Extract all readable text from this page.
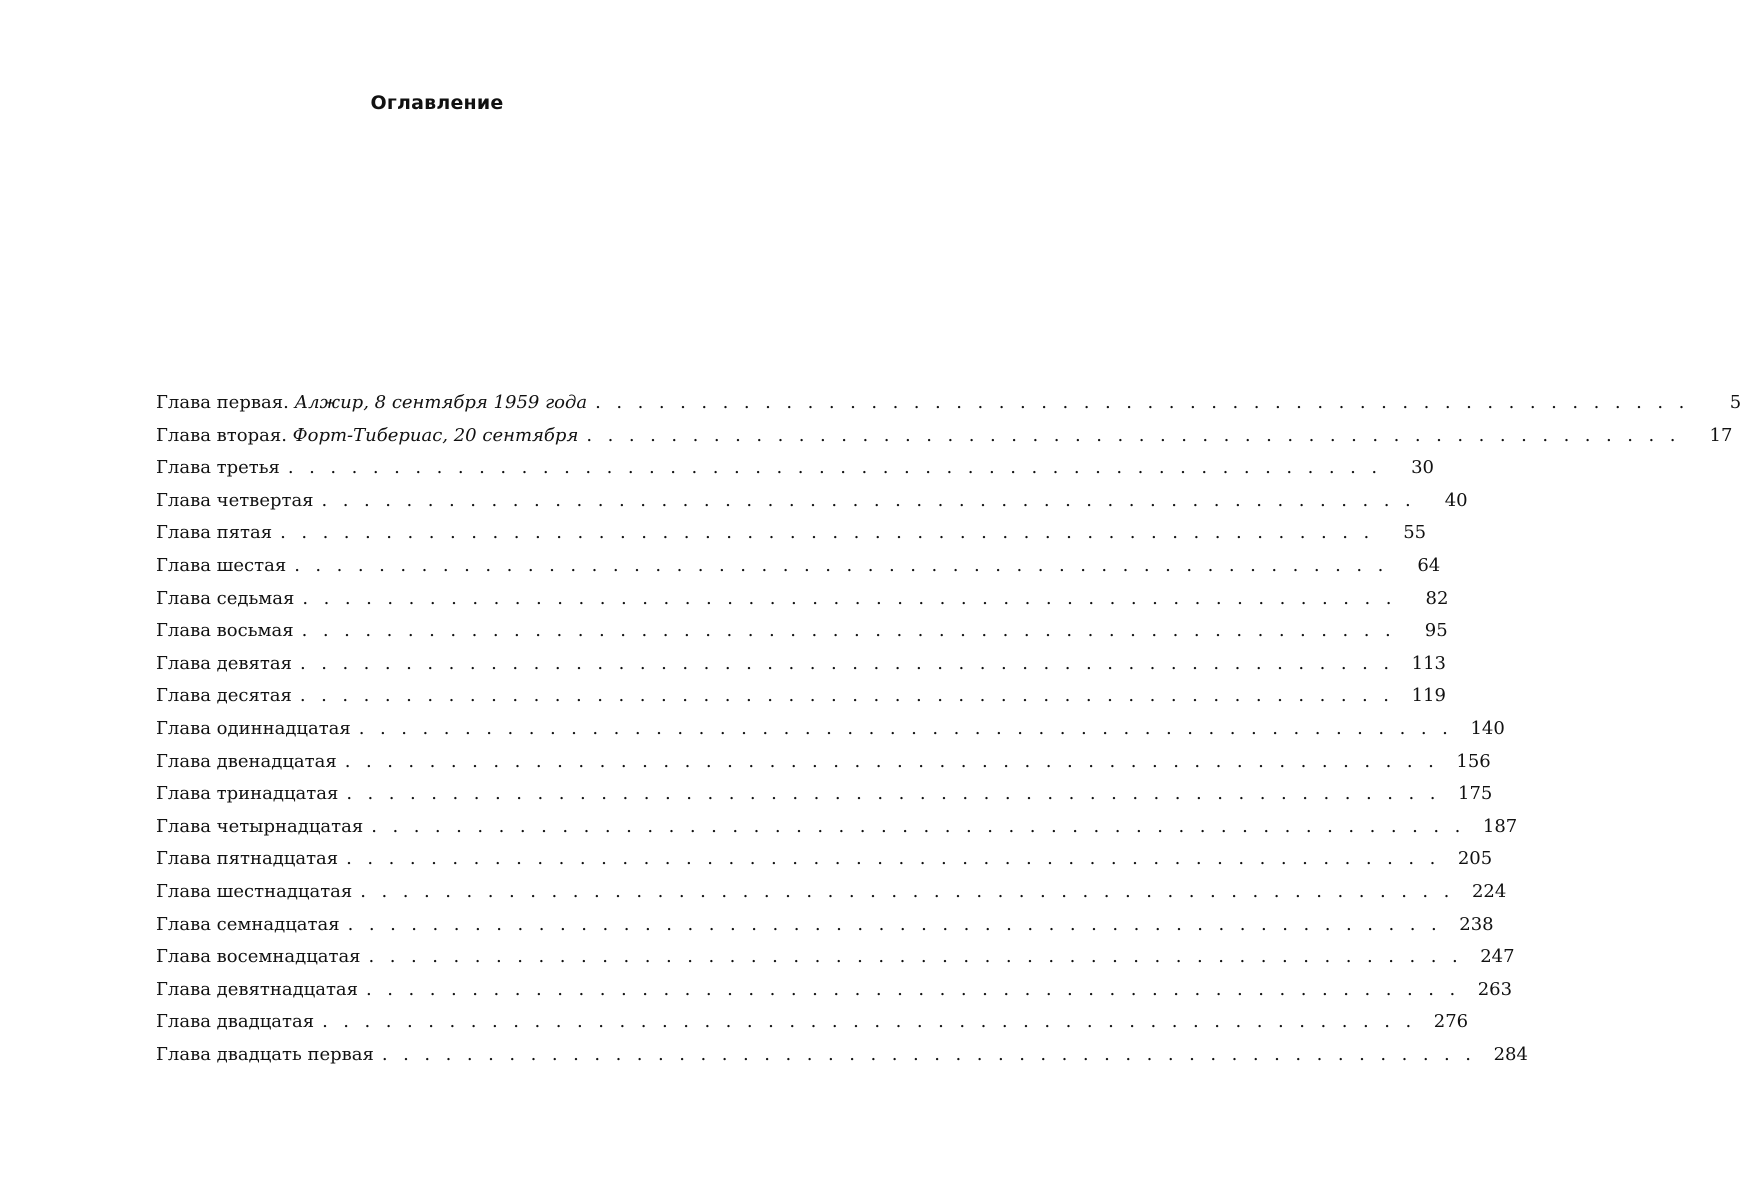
Оглавление
Глава первая. Алжир, 8 сентября 1959 года . . . . . . . . . . . . . . . . . . . . . . . . . . . . . . . . . . . . . . . . . . . . . . . . . . . .	5
Глава вторая. Форт-Тибериас, 20 сентября . . . . . . . . . . . . . . . . . . . . . . . . . . . . . . . . . . . . . . . . . . . . . . . . . . . .	17
Глава третья . . . . . . . . . . . . . . . . . . . . . . . . . . . . . . . . . . . . . . . . . . . . . . . . . . . .	30
Глава четвертая . . . . . . . . . . . . . . . . . . . . . . . . . . . . . . . . . . . . . . . . . . . . . . . . . . . .	40
Глава пятая . . . . . . . . . . . . . . . . . . . . . . . . . . . . . . . . . . . . . . . . . . . . . . . . . . . .	55
Глава шестая . . . . . . . . . . . . . . . . . . . . . . . . . . . . . . . . . . . . . . . . . . . . . . . . . . . .	64
Глава седьмая . . . . . . . . . . . . . . . . . . . . . . . . . . . . . . . . . . . . . . . . . . . . . . . . . . . .	82
Глава восьмая . . . . . . . . . . . . . . . . . . . . . . . . . . . . . . . . . . . . . . . . . . . . . . . . . . . .	95
Глава девятая . . . . . . . . . . . . . . . . . . . . . . . . . . . . . . . . . . . . . . . . . . . . . . . . . . . . 113
Глава десятая . . . . . . . . . . . . . . . . . . . . . . . . . . . . . . . . . . . . . . . . . . . . . . . . . . . . 119
Глава одиннадцатая . . . . . . . . . . . . . . . . . . . . . . . . . . . . . . . . . . . . . . . . . . . . . . . . . . . . 140
Глава двенадцатая . . . . . . . . . . . . . . . . . . . . . . . . . . . . . . . . . . . . . . . . . . . . . . . . . . . . 156
Глава тринадцатая . . . . . . . . . . . . . . . . . . . . . . . . . . . . . . . . . . . . . . . . . . . . . . . . . . . . 175
Глава четырнадцатая . . . . . . . . . . . . . . . . . . . . . . . . . . . . . . . . . . . . . . . . . . . . . . . . . . . . 187
Глава пятнадцатая . . . . . . . . . . . . . . . . . . . . . . . . . . . . . . . . . . . . . . . . . . . . . . . . . . . . 205
Глава шестнадцатая . . . . . . . . . . . . . . . . . . . . . . . . . . . . . . . . . . . . . . . . . . . . . . . . . . . . 224
Глава семнадцатая . . . . . . . . . . . . . . . . . . . . . . . . . . . . . . . . . . . . . . . . . . . . . . . . . . . . 238
Глава восемнадцатая . . . . . . . . . . . . . . . . . . . . . . . . . . . . . . . . . . . . . . . . . . . . . . . . . . . . 247
Глава девятнадцатая . . . . . . . . . . . . . . . . . . . . . . . . . . . . . . . . . . . . . . . . . . . . . . . . . . . . 263
Глава двадцатая . . . . . . . . . . . . . . . . . . . . . . . . . . . . . . . . . . . . . . . . . . . . . . . . . . . . 276
Глава двадцать первая . . . . . . . . . . . . . . . . . . . . . . . . . . . . . . . . . . . . . . . . . . . . . . . . . . . . 284
